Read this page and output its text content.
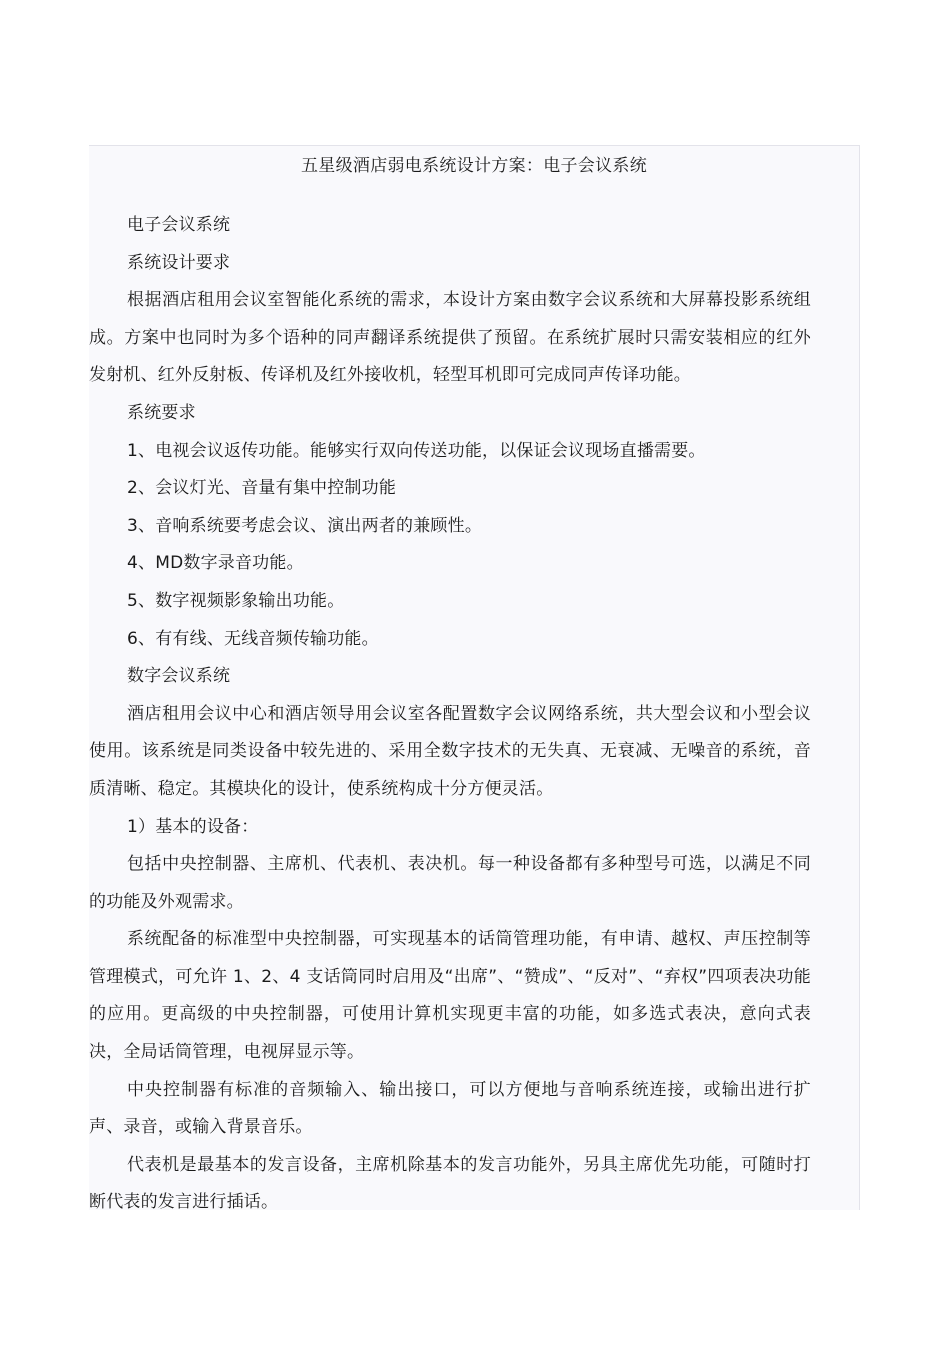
五星级酒店弱电系统设计方案：电子会议系统

电子会议系统

系统设计要求

根据酒店租用会议室智能化系统的需求，本设计方案由数字会议系统和大屏幕投影系统组成。方案中也同时为多个语种的同声翻译系统提供了预留。在系统扩展时只需安装相应的红外发射机、红外反射板、传译机及红外接收机，轻型耳机即可完成同声传译功能。

系统要求

1、电视会议返传功能。能够实行双向传送功能，以保证会议现场直播需要。

2、会议灯光、音量有集中控制功能

3、音响系统要考虑会议、演出两者的兼顾性。

4、MD数字录音功能。

5、数字视频影象输出功能。

6、有有线、无线音频传输功能。

数字会议系统

酒店租用会议中心和酒店领导用会议室各配置数字会议网络系统，共大型会议和小型会议使用。该系统是同类设备中较先进的、采用全数字技术的无失真、无衰减、无噪音的系统，音质清晰、稳定。其模块化的设计，使系统构成十分方便灵活。

1）基本的设备：

包括中央控制器、主席机、代表机、表决机。每一种设备都有多种型号可选，以满足不同的功能及外观需求。

系统配备的标准型中央控制器，可实现基本的话筒管理功能，有申请、越权、声压控制等管理模式，可允许 1、2、4 支话筒同时启用及“出席”、“赞成”、“反对”、“弃权”四项表决功能的应用。更高级的中央控制器，可使用计算机实现更丰富的功能，如多选式表决，意向式表决，全局话筒管理，电视屏显示等。

中央控制器有标准的音频输入、输出接口，可以方便地与音响系统连接，或输出进行扩声、录音，或输入背景音乐。

代表机是最基本的发言设备，主席机除基本的发言功能外，另具主席优先功能，可随时打断代表的发言进行插话。
